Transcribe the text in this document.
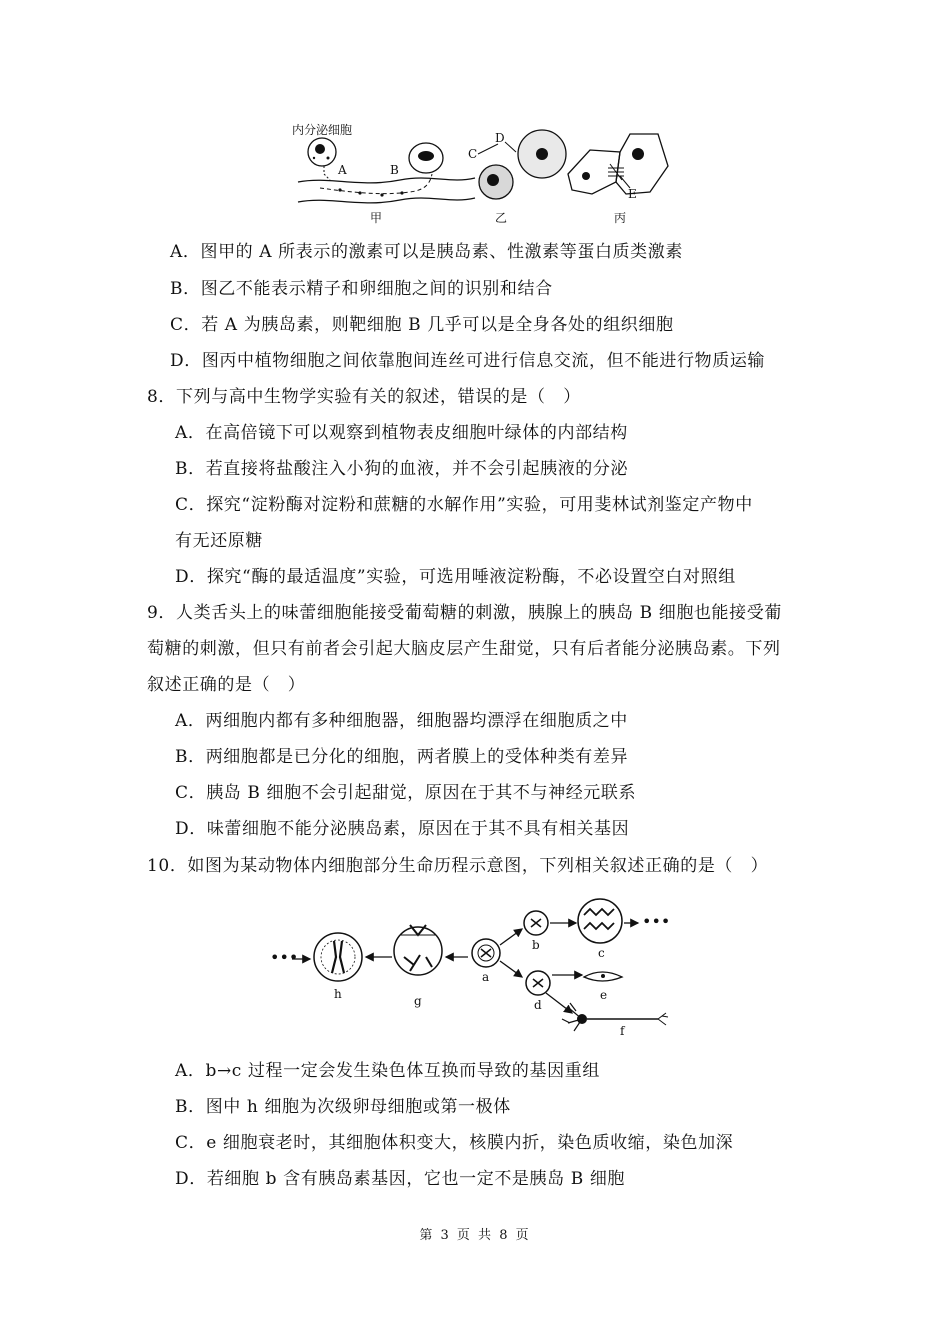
内分泌细胞
A	B
甲
C
D
乙
E
丙
A．图甲的 A 所表示的激素可以是胰岛素、性激素等蛋白质类激素
B．图乙不能表示精子和卵细胞之间的识别和结合
C．若 A 为胰岛素，则靶细胞 B 几乎可以是全身各处的组织细胞
D．图丙中植物细胞之间依靠胞间连丝可进行信息交流，但不能进行物质运输
8．下列与高中生物学实验有关的叙述，错误的是（　）
A．在高倍镜下可以观察到植物表皮细胞叶绿体的内部结构
B．若直接将盐酸注入小狗的血液，并不会引起胰液的分泌
C．探究“淀粉酶对淀粉和蔗糖的水解作用”实验，可用斐林试剂鉴定产物中
有无还原糖
D．探究“酶的最适温度”实验，可选用唾液淀粉酶，不必设置空白对照组
9．人类舌头上的味蕾细胞能接受葡萄糖的刺激，胰腺上的胰岛 B 细胞也能接受葡
萄糖的刺激，但只有前者会引起大脑皮层产生甜觉，只有后者能分泌胰岛素。下列
叙述正确的是（　）
A．两细胞内都有多种细胞器，细胞器均漂浮在细胞质之中
B．两细胞都是已分化的细胞，两者膜上的受体种类有差异
C．胰岛 B 细胞不会引起甜觉，原因在于其不与神经元联系
D．味蕾细胞不能分泌胰岛素，原因在于其不具有相关基因
10．如图为某动物体内细胞部分生命历程示意图，下列相关叙述正确的是（　）
•••
h	g
a
b
c
•••
d
e
f
A．b→c 过程一定会发生染色体互换而导致的基因重组
B．图中 h 细胞为次级卵母细胞或第一极体
C．e 细胞衰老时，其细胞体积变大，核膜内折，染色质收缩，染色加深
D．若细胞 b 含有胰岛素基因，它也一定不是胰岛 B 细胞
第 3 页 共 8 页
